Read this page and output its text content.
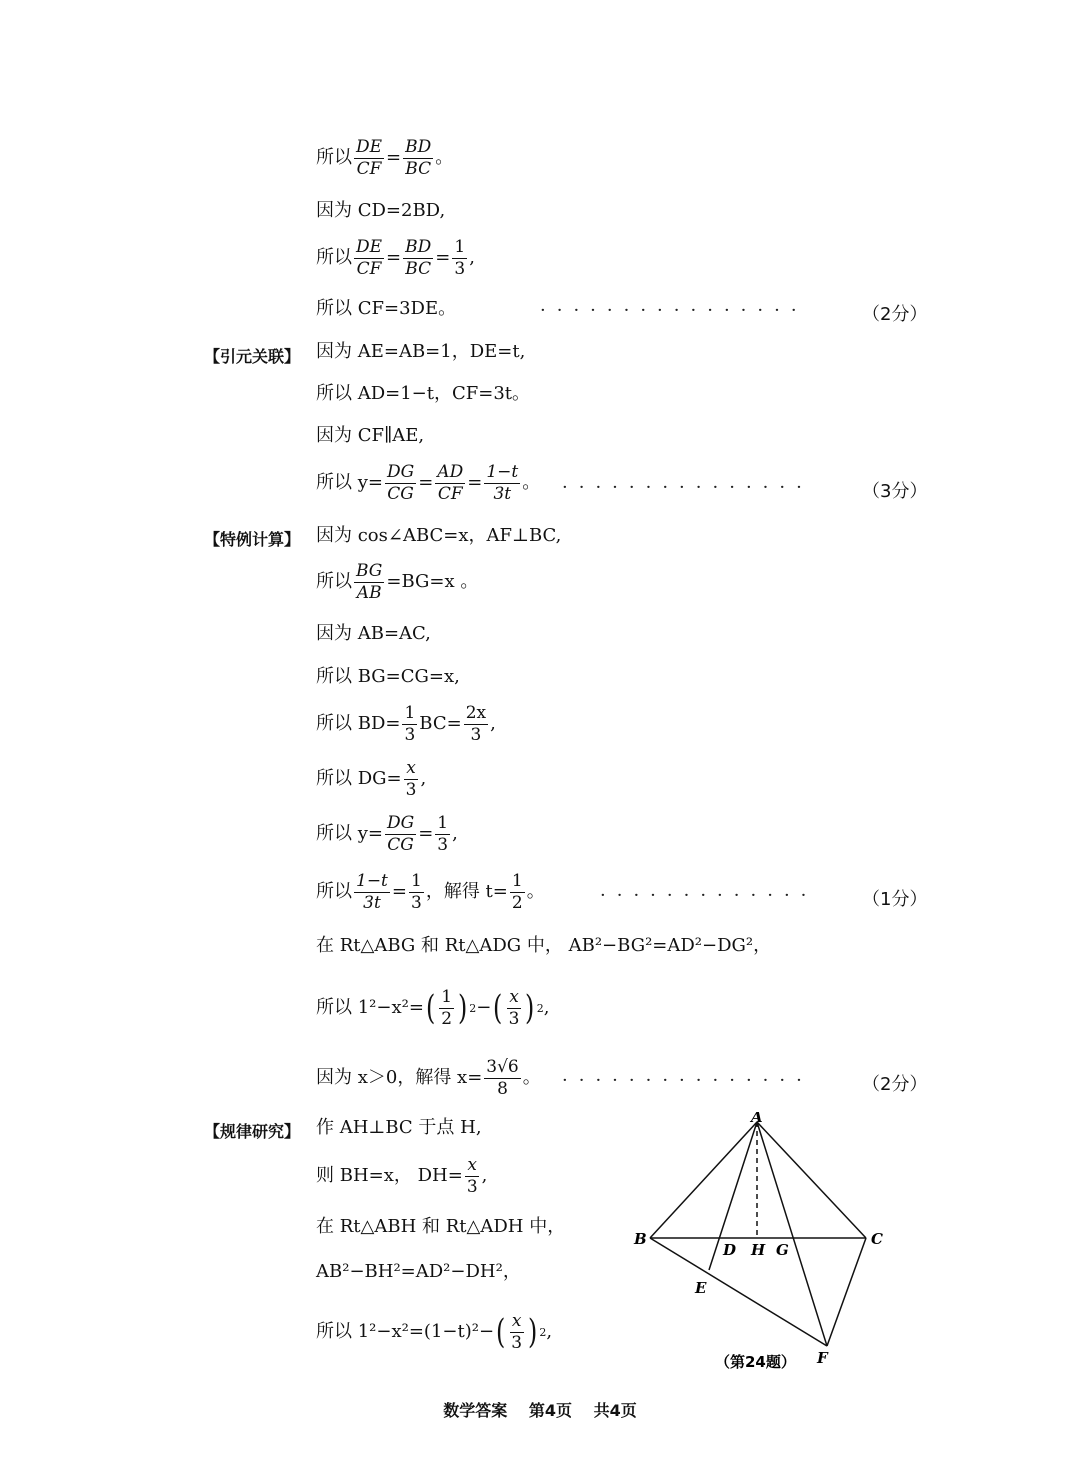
所以 $\frac{DE}{CF} = \frac{BD}{BC}$ 。
因为 CD=2BD,
所以 $\frac{DE}{CF} = \frac{BD}{BC} = \frac{1}{3}$ ,
所以 CF=3DE。	················	（2分）
【引元关联】 因为 AE=AB=1，DE=t,
所以 AD=1−t，CF=3t。
因为 CF∥AE,
所以 $y= \frac{DG}{CG} = \frac{AD}{CF} = \frac{1-t}{3t}$ 。 ···············	（3分）
【特例计算】 因为 cos∠ABC=x，AF⊥BC,
所以 $\frac{BG}{AB} =BG=x$ 。
因为 AB=AC,
所以 BG=CG=x,
所以 $BD= \frac{1}{3} BC= \frac{2x}{3}$ ,
所以 $DG= \frac{x}{3}$ ,
所以 $y= \frac{DG}{CG} = \frac{1}{3}$ ,
所以 $\frac{1-t}{3t} = \frac{1}{3}$ ，解得 $t= \frac{1}{2}$ 。	············· （1分）
在 Rt△ABG 和 Rt△ADG 中， AB²−BG²=AD²−DG²，
所以 1²−x²= ( $\frac{1}{2}$ ) 2 − ( $\frac{x}{3}$ ) 2 ,
因为 x＞0，解得 $x= \frac{3√6}{8}$ 。 ···············	（2分）
【规律研究】 作 AH⊥BC 于点 H,
则 BH=x， $DH= \frac{x}{3}$ ,
在 Rt△ABH 和 Rt△ADH 中，
AB²−BH²=AD²−DH²，
所以 1²−x²=(1−t)²− ( $\frac{x}{3}$ ) 2 ,
A
B	C
D H G
E
F
（第24题）
数学答案 第4页 共4页
